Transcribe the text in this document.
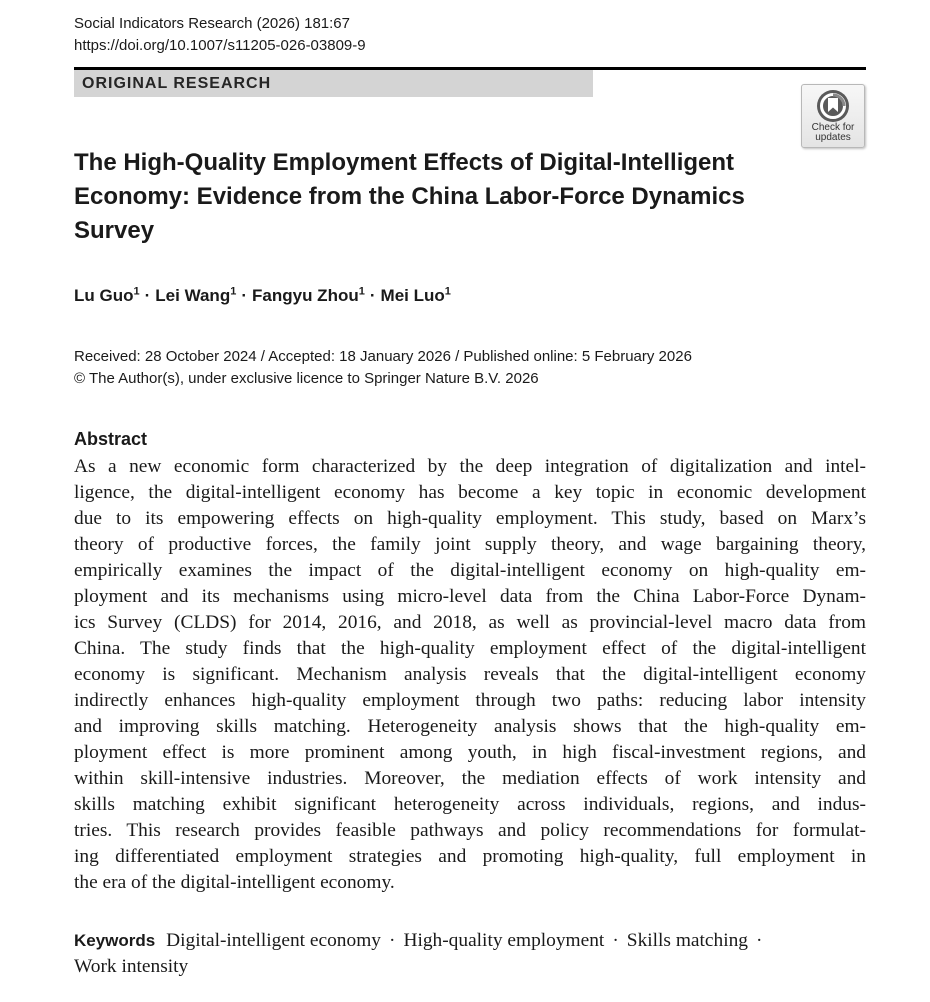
Social Indicators Research (2026) 181:67
https://doi.org/10.1007/s11205-026-03809-9
ORIGINAL RESEARCH
Check for
updates
The High-Quality Employment Effects of Digital-Intelligent Economy: Evidence from the China Labor-Force Dynamics Survey
Lu Guo$^1$ · Lei Wang$^1$ · Fangyu Zhou$^1$ · Mei Luo$^1$
Received: 28 October 2024 / Accepted: 18 January 2026 / Published online: 5 February 2026
© The Author(s), under exclusive licence to Springer Nature B.V. 2026
Abstract
As a new economic form characterized by the deep integration of digitalization and intel-
ligence, the digital-intelligent economy has become a key topic in economic development
due to its empowering effects on high-quality employment. This study, based on Marx’s
theory of productive forces, the family joint supply theory, and wage bargaining theory,
empirically examines the impact of the digital-intelligent economy on high-quality em-
ployment and its mechanisms using micro-level data from the China Labor-Force Dynam-
ics Survey (CLDS) for 2014, 2016, and 2018, as well as provincial-level macro data from
China. The study finds that the high-quality employment effect of the digital-intelligent
economy is significant. Mechanism analysis reveals that the digital-intelligent economy
indirectly enhances high-quality employment through two paths: reducing labor intensity
and improving skills matching. Heterogeneity analysis shows that the high-quality em-
ployment effect is more prominent among youth, in high fiscal-investment regions, and
within skill-intensive industries. Moreover, the mediation effects of work intensity and
skills matching exhibit significant heterogeneity across individuals, regions, and indus-
tries. This research provides feasible pathways and policy recommendations for formulat-
ing differentiated employment strategies and promoting high-quality, full employment in
the era of the digital-intelligent economy.
Keywords Digital-intelligent economy · High-quality employment · Skills matching ·
Work intensity
